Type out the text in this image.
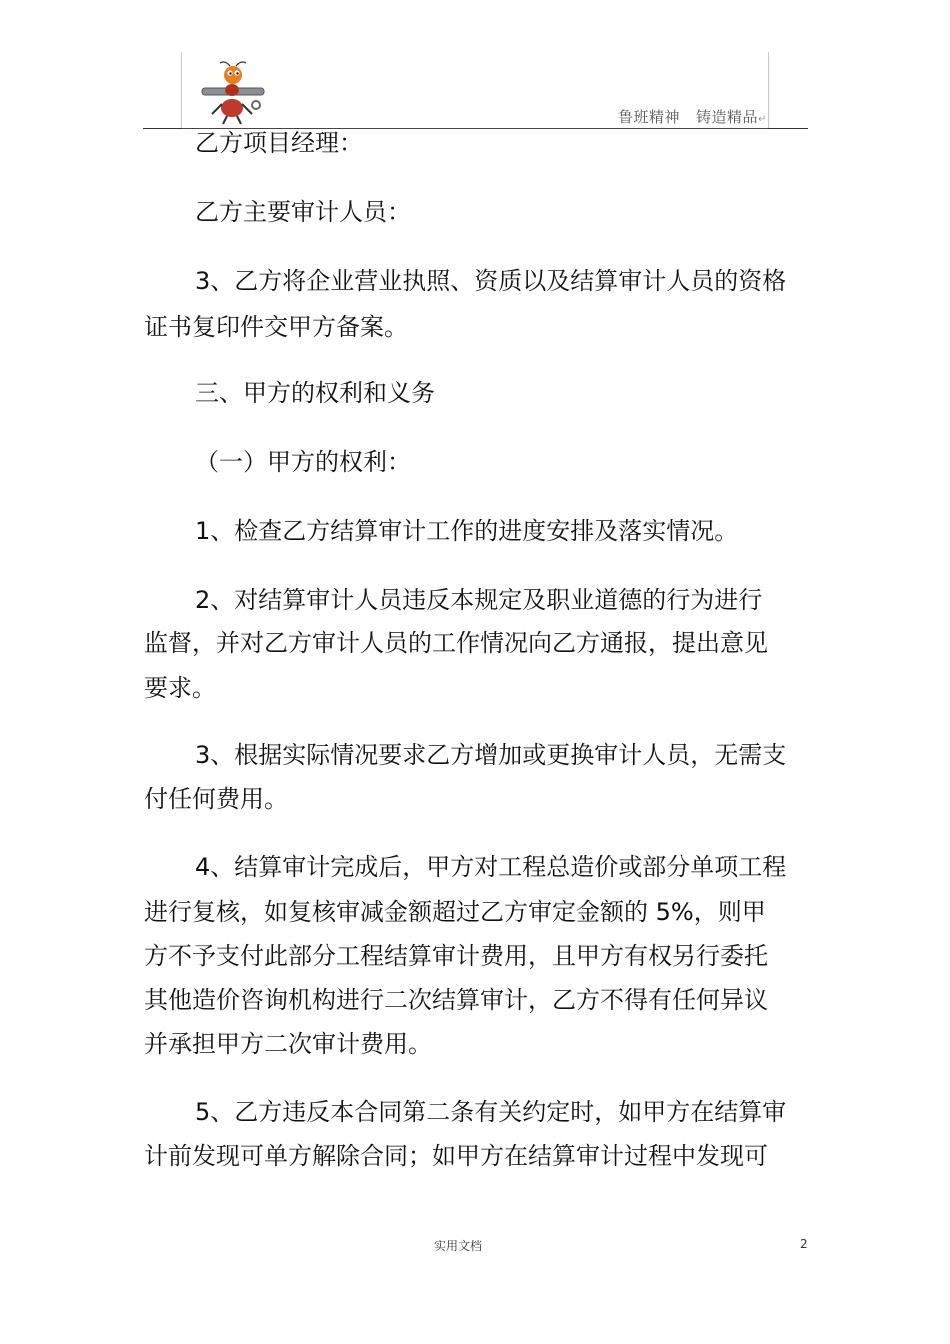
鲁班精神 铸造精品↵
乙方项目经理：
乙方主要审计人员：
3、乙方将企业营业执照、资质以及结算审计人员的资格
证书复印件交甲方备案。
三、甲方的权利和义务
（一）甲方的权利：
1、检查乙方结算审计工作的进度安排及落实情况。
2、对结算审计人员违反本规定及职业道德的行为进行
监督，并对乙方审计人员的工作情况向乙方通报，提出意见
要求。
3、根据实际情况要求乙方增加或更换审计人员，无需支
付任何费用。
4、结算审计完成后，甲方对工程总造价或部分单项工程
进行复核，如复核审减金额超过乙方审定金额的 5%，则甲
方不予支付此部分工程结算审计费用，且甲方有权另行委托
其他造价咨询机构进行二次结算审计，乙方不得有任何异议
并承担甲方二次审计费用。
5、乙方违反本合同第二条有关约定时，如甲方在结算审
计前发现可单方解除合同；如甲方在结算审计过程中发现可
实用文档	2
